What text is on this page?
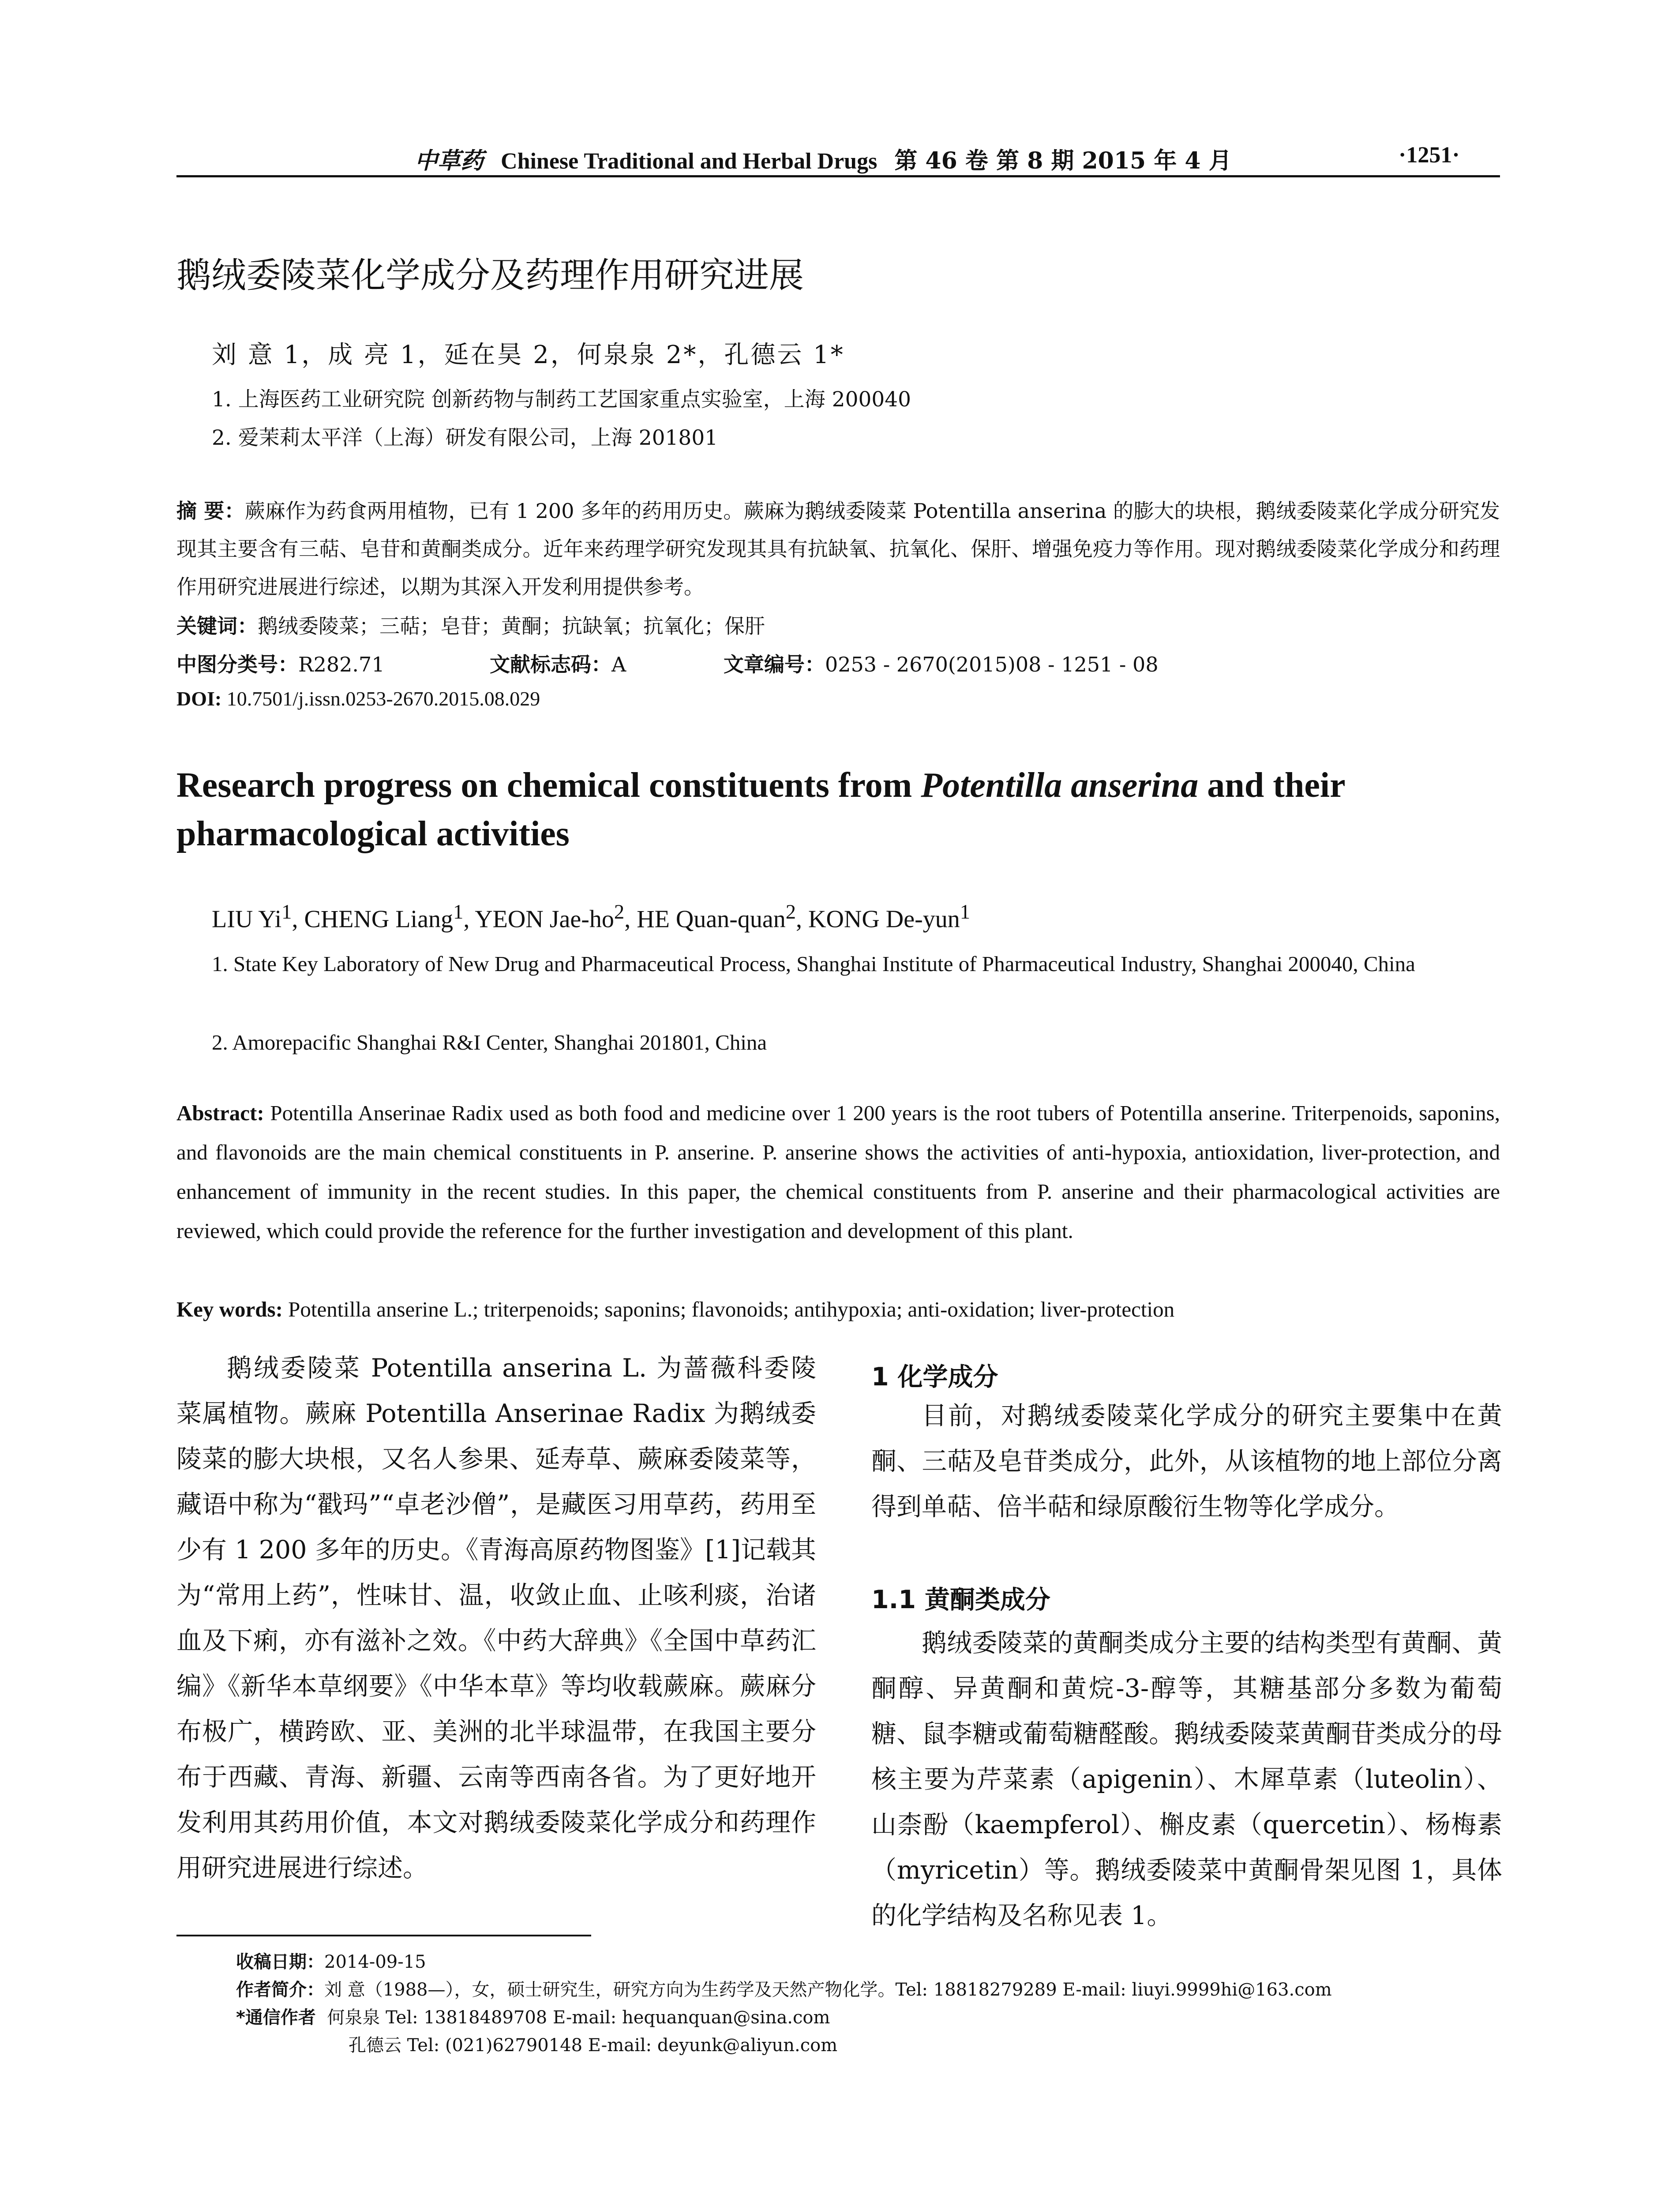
中草药 Chinese Traditional and Herbal Drugs 第 46 卷 第 8 期 2015 年 4 月	·1251·
鹅绒委陵菜化学成分及药理作用研究进展
刘 意 1，成 亮 1，延在昊 2，何泉泉 2*，孔德云 1*
1. 上海医药工业研究院 创新药物与制药工艺国家重点实验室，上海 200040
2. 爱茉莉太平洋（上海）研发有限公司，上海 201801
摘 要：蕨麻作为药食两用植物，已有 1 200 多年的药用历史。蕨麻为鹅绒委陵菜 Potentilla anserina 的膨大的块根，鹅绒委陵菜化学成分研究发现其主要含有三萜、皂苷和黄酮类成分。近年来药理学研究发现其具有抗缺氧、抗氧化、保肝、增强免疫力等作用。现对鹅绒委陵菜化学成分和药理作用研究进展进行综述，以期为其深入开发利用提供参考。
关键词：鹅绒委陵菜；三萜；皂苷；黄酮；抗缺氧；抗氧化；保肝
中图分类号：R282.71	文献标志码：A	文章编号：0253 - 2670(2015)08 - 1251 - 08
DOI: 10.7501/j.issn.0253-2670.2015.08.029
Research progress on chemical constituents from Potentilla anserina and their pharmacological activities
LIU Yi$^1$, CHENG Liang$^1$, YEON Jae-$ho^2$, HE Quan-quan$^2$, KONG De-yun$^1$
1. State Key Laboratory of New Drug and Pharmaceutical Process, Shanghai Institute of Pharmaceutical Industry, Shanghai 200040, China
2. Amorepacific Shanghai R&I Center, Shanghai 201801, China
Abstract: Potentilla Anserinae Radix used as both food and medicine over 1 200 years is the root tubers of Potentilla anserine. Triterpenoids, saponins, and flavonoids are the main chemical constituents in P. anserine. P. anserine shows the activities of anti-hypoxia, antioxidation, liver-protection, and enhancement of immunity in the recent studies. In this paper, the chemical constituents from P. anserine and their pharmacological activities are reviewed, which could provide the reference for the further investigation and development of this plant.
Key words: Potentilla anserine L.; triterpenoids; saponins; flavonoids; antihypoxia; anti-oxidation; liver-protection
鹅绒委陵菜 Potentilla anserina L. 为蔷薇科委陵菜属植物。蕨麻 Potentilla Anserinae Radix 为鹅绒委陵菜的膨大块根，又名人参果、延寿草、蕨麻委陵菜等，藏语中称为“戳玛”“卓老沙僧”，是藏医习用草药，药用至少有 1 200 多年的历史。《青海高原药物图鉴》[1]记载其为“常用上药”，性味甘、温，收敛止血、止咳利痰，治诸血及下痢，亦有滋补之效。《中药大辞典》《全国中草药汇编》《新华本草纲要》《中华本草》等均收载蕨麻。蕨麻分布极广，横跨欧、亚、美洲的北半球温带，在我国主要分布于西藏、青海、新疆、云南等西南各省。为了更好地开发利用其药用价值，本文对鹅绒委陵菜化学成分和药理作用研究进展进行综述。
1 化学成分
目前，对鹅绒委陵菜化学成分的研究主要集中在黄酮、三萜及皂苷类成分，此外，从该植物的地上部位分离得到单萜、倍半萜和绿原酸衍生物等化学成分。
1.1 黄酮类成分
鹅绒委陵菜的黄酮类成分主要的结构类型有黄酮、黄酮醇、异黄酮和黄烷-3-醇等，其糖基部分多数为葡萄糖、鼠李糖或葡萄糖醛酸。鹅绒委陵菜黄酮苷类成分的母核主要为芹菜素（apigenin）、木犀草素（luteolin）、山柰酚（kaempferol）、槲皮素（quercetin）、杨梅素（myricetin）等。鹅绒委陵菜中黄酮骨架见图 1，具体的化学结构及名称见表 1。
收稿日期：2014-09-15
作者简介：刘 意（1988—），女，硕士研究生，研究方向为生药学及天然产物化学。Tel: 18818279289 E-mail: liuyi.9999hi@163.com
*通信作者 何泉泉 Tel: 13818489708 E-mail: hequanquan@sina.com
孔德云 Tel: (021)62790148 E-mail: deyunk@aliyun.com
